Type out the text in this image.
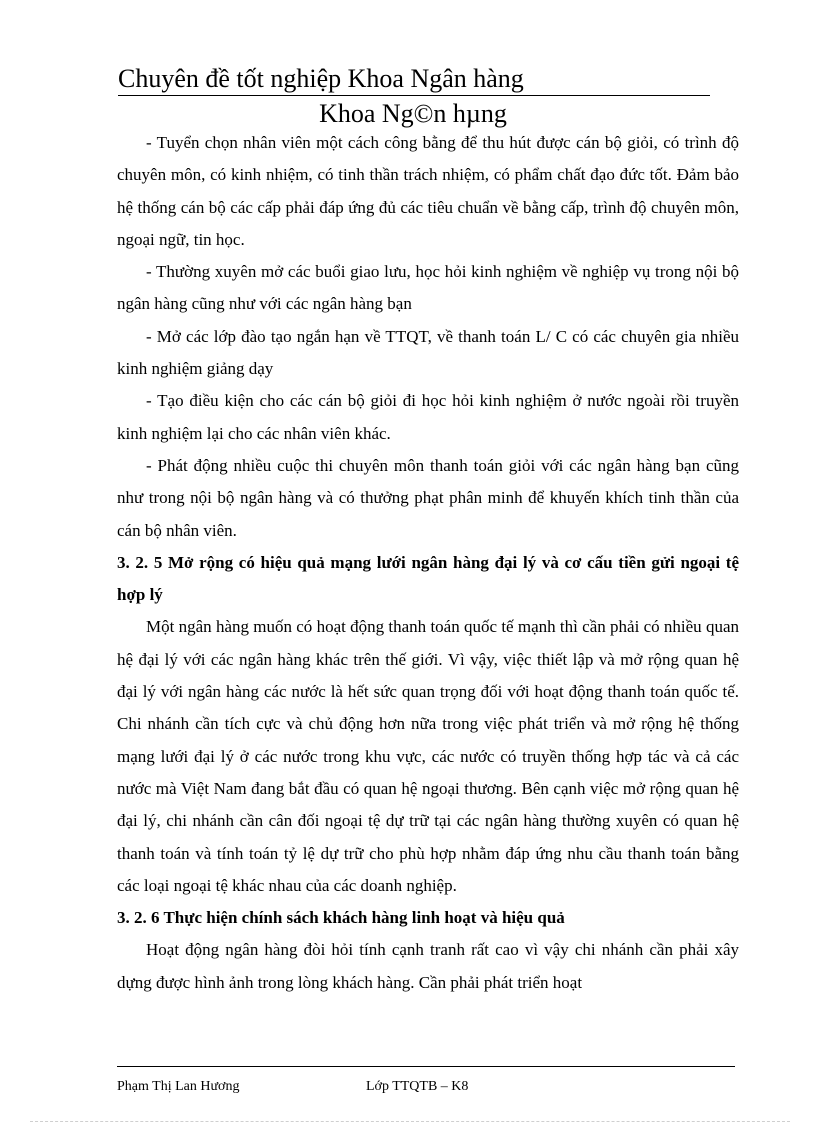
Chuyên đề tốt nghiệp Khoa Ngân hàng
Khoa Ng©n hµng

- Tuyển chọn nhân viên một cách công bằng để thu hút được cán bộ giỏi, có trình độ chuyên môn, có kinh nhiệm, có tinh thần trách nhiệm, có phẩm chất đạo đức tốt. Đảm bảo hệ thống cán bộ các cấp phải đáp ứng đủ các tiêu chuẩn về bằng cấp, trình độ chuyên môn, ngoại ngữ, tin học.

- Thường xuyên mở các buổi giao lưu, học hỏi kinh nghiệm về nghiệp vụ trong nội bộ ngân hàng cũng như với các ngân hàng bạn

- Mở các lớp đào tạo ngắn hạn về TTQT, về thanh toán L/ C có các chuyên gia nhiều kinh nghiệm giảng dạy

- Tạo điều kiện cho các cán bộ giỏi đi học hỏi kinh nghiệm ở nước ngoài rồi truyền kinh nghiệm lại cho các nhân viên khác.

- Phát động nhiều cuộc thi chuyên môn thanh toán giỏi với các ngân hàng bạn cũng như trong nội bộ ngân hàng và có thưởng phạt phân minh để khuyến khích tinh thần của cán bộ nhân viên.

3. 2. 5 Mở rộng có hiệu quả mạng lưới ngân hàng đại lý và cơ cấu tiền gửi ngoại tệ hợp lý

Một ngân hàng muốn có hoạt động thanh toán quốc tế mạnh thì cần phải có nhiều quan hệ đại lý với các ngân hàng khác trên thế giới. Vì vậy, việc thiết lập và mở rộng quan hệ đại lý với ngân hàng các nước là hết sức quan trọng đối với hoạt động thanh toán quốc tế. Chi nhánh cần tích cực và chủ động hơn nữa trong việc phát triển và mở rộng hệ thống mạng lưới đại lý ở các nước trong khu vực, các nước có truyền thống hợp tác và cả các nước mà Việt Nam đang bắt đầu có quan hệ ngoại thương. Bên cạnh việc mở rộng quan hệ đại lý, chi nhánh cần cân đối ngoại tệ dự trữ tại các ngân hàng thường xuyên có quan hệ thanh toán và tính toán tỷ lệ dự trữ cho phù hợp nhằm đáp ứng nhu cầu thanh toán bằng các loại ngoại tệ khác nhau của các doanh nghiệp.

3. 2. 6 Thực hiện chính sách khách hàng linh hoạt và hiệu quả

Hoạt động ngân hàng đòi hỏi tính cạnh tranh rất cao vì vậy chi nhánh cần phải xây dựng được hình ảnh trong lòng khách hàng. Cần phải phát triển hoạt

Phạm Thị Lan Hương	Lớp TTQTB – K8
